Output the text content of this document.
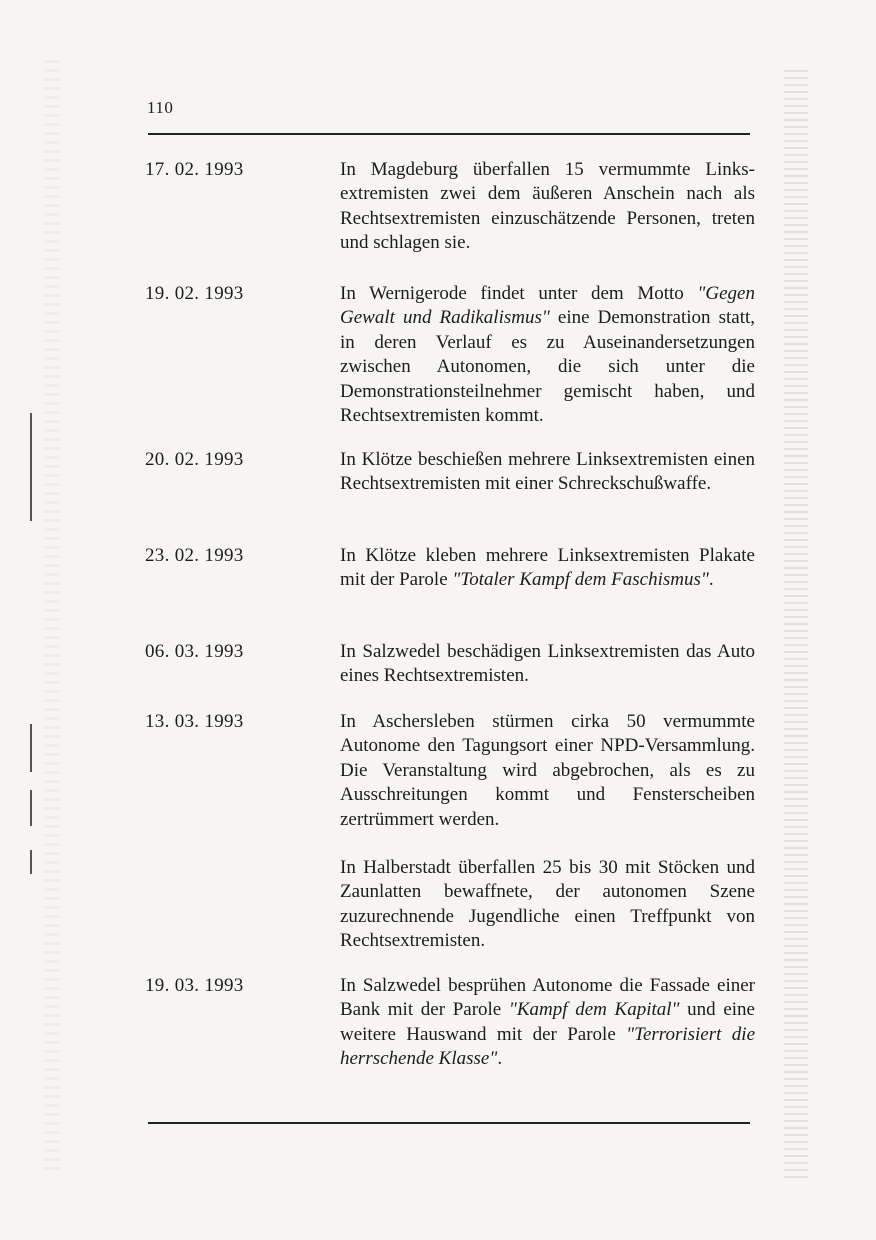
110
17. 02. 1993	In Magdeburg überfallen 15 vermummte Linksextremisten zwei dem äußeren Anschein nach als Rechtsextremisten einzuschätzende Personen, treten und schlagen sie.
19. 02. 1993	In Wernigerode findet unter dem Motto "Gegen Gewalt und Radikalismus" eine Demonstration statt, in deren Verlauf es zu Auseinandersetzungen zwischen Autonomen, die sich unter die Demonstrationsteilnehmer gemischt haben, und Rechtsextremisten kommt.
20. 02. 1993	In Klötze beschießen mehrere Linksextremisten einen Rechtsextremisten mit einer Schreckschußwaffe.
23. 02. 1993	In Klötze kleben mehrere Linksextremisten Plakate mit der Parole "Totaler Kampf dem Faschismus".
06. 03. 1993	In Salzwedel beschädigen Linksextremisten das Auto eines Rechtsextremisten.
13. 03. 1993	In Aschersleben stürmen cirka 50 vermummte Autonome den Tagungsort einer NPD-Versammlung. Die Veranstaltung wird abgebrochen, als es zu Ausschreitungen kommt und Fensterscheiben zertrümmert werden.
In Halberstadt überfallen 25 bis 30 mit Stöcken und Zaunlatten bewaffnete, der autonomen Szene zuzurechnende Jugendliche einen Treffpunkt von Rechtsextremisten.
19. 03. 1993	In Salzwedel besprühen Autonome die Fassade einer Bank mit der Parole "Kampf dem Kapital" und eine weitere Hauswand mit der Parole "Terrorisiert die herrschende Klasse".
